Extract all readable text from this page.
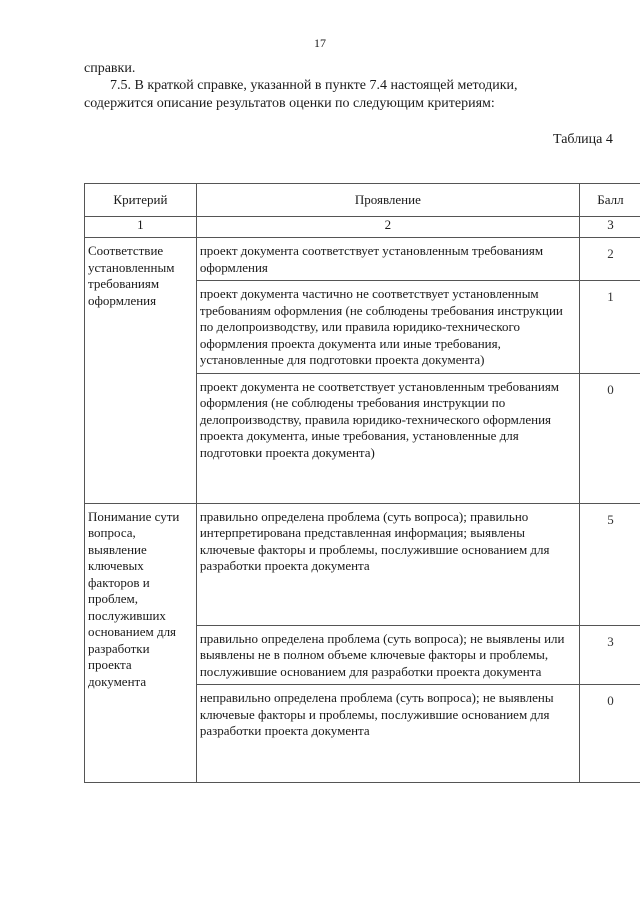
17
справки.
7.5. В краткой справке, указанной в пункте 7.4 настоящей методики,
содержится описание результатов оценки по следующим критериям:
Таблица 4
Критерий	Проявление	Балл
1	2	3
Соответствие установленным требованиям оформления	проект документа соответствует установленным требованиям оформления	2
	проект документа частично не соответствует установленным требованиям оформления (не соблюдены требования инструкции по делопроизводству, или правила юридико-технического оформления проекта документа или иные требования, установленные для подготовки проекта документа)	1
	проект документа не соответствует установленным требованиям оформления (не соблюдены требования инструкции по делопроизводству, правила юридико-технического оформления проекта документа, иные требования, установленные для подготовки проекта документа)	0
Понимание сути вопроса, выявление ключевых факторов и проблем, послуживших основанием для разработки проекта документа	правильно определена проблема (суть вопроса); правильно интерпретирована представленная информация; выявлены ключевые факторы и проблемы, послужившие основанием для разработки проекта документа	5
	правильно определена проблема (суть вопроса); не выявлены или выявлены не в полном объеме ключевые факторы и проблемы, послужившие основанием для разработки проекта документа	3
	неправильно определена проблема (суть вопроса); не выявлены ключевые факторы и проблемы, послужившие основанием для разработки проекта документа	0
